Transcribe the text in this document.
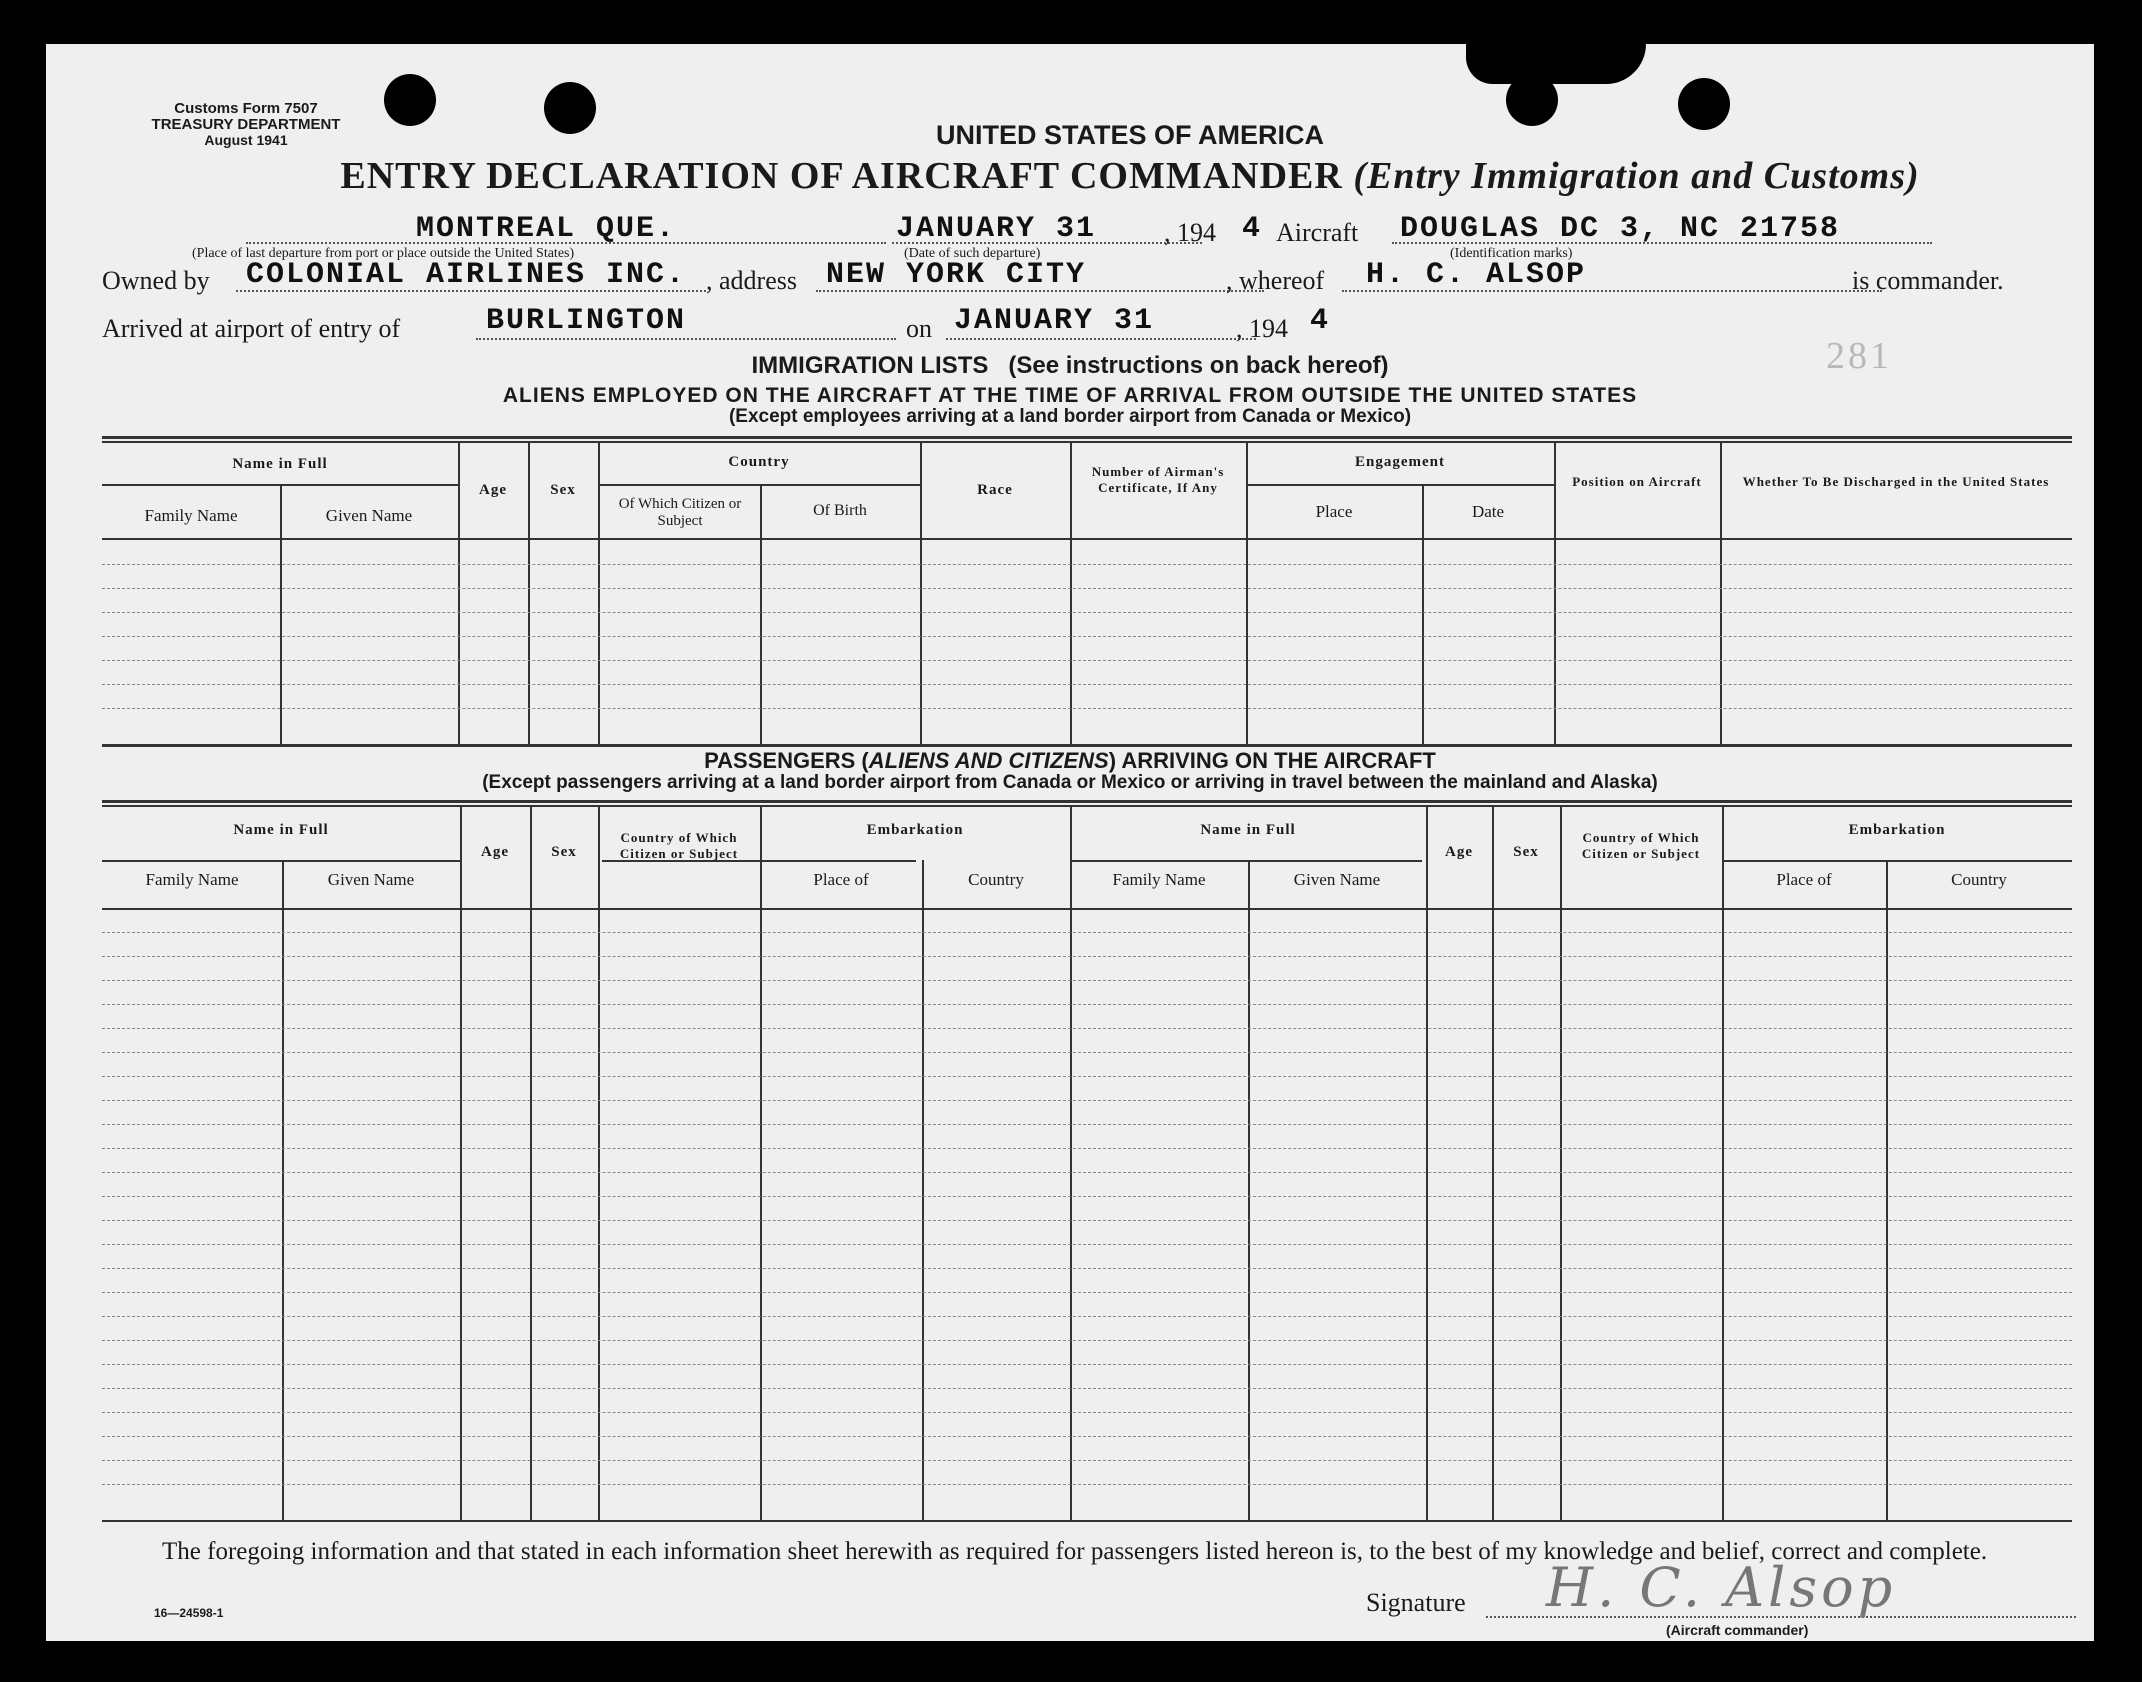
Customs Form 7507
TREASURY DEPARTMENT
August 1941	UNITED STATES OF AMERICA
ENTRY DECLARATION OF AIRCRAFT COMMANDER (Entry Immigration and Customs)
MONTREAL QUE.
(Place of last departure from port or place outside the United States)
JANUARY 31
(Date of such departure)
, 194 4 Aircraft DOUGLAS DC 3, NC 21758
(Identification marks)
Owned by COLONIAL AIRLINES INC. , address NEW YORK CITY	, whereof H. C. ALSOP	is commander.
Arrived at airport of entry of	BURLINGTON	on JANUARY 31	, 194 4
281
IMMIGRATION LISTS (See instructions on back hereof)
ALIENS EMPLOYED ON THE AIRCRAFT AT THE TIME OF ARRIVAL FROM OUTSIDE THE UNITED STATES
(Except employees arriving at a land border airport from Canada or Mexico)
Name in Full
Family Name	Given Name
Age	Sex
Country
Of Which Citizen or Subject
Of Birth
Race
Number of Airman's Certificate, If Any
Engagement
Place	Date
Position on Aircraft	Whether To Be Discharged in the United States
PASSENGERS (ALIENS AND CITIZENS) ARRIVING ON THE AIRCRAFT
(Except passengers arriving at a land border airport from Canada or Mexico or arriving in travel between the mainland and Alaska)
Name in Full
Family Name	Given Name
Age	Sex
Country of Which Citizen or Subject
Embarkation
Place of	Country
Name in Full
Family Name	Given Name
Age	Sex
Country of Which Citizen or Subject
Embarkation
Place of	Country
The foregoing information and that stated in each information sheet herewith as required for passengers listed hereon is, to the best of my knowledge and belief, correct and complete.
16—24598-1	Signature H. C. Alsop
(Aircraft commander)
